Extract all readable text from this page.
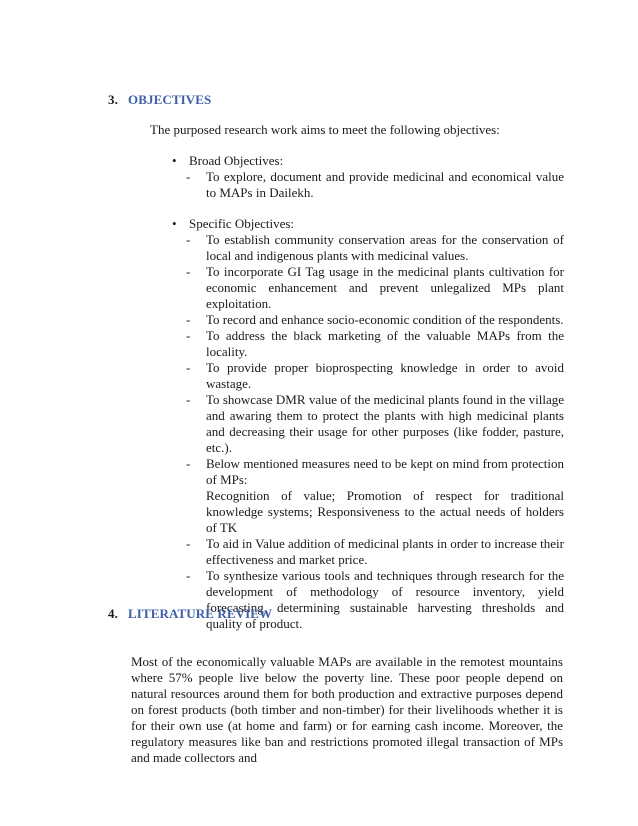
3. OBJECTIVES
The purposed research work aims to meet the following objectives:
• Broad Objectives:
- To explore, document and provide medicinal and economical value to MAPs in Dailekh.
• Specific Objectives:
- To establish community conservation areas for the conservation of local and indigenous plants with medicinal values.
- To incorporate GI Tag usage in the medicinal plants cultivation for economic enhancement and prevent unlegalized MPs plant exploitation.
- To record and enhance socio-economic condition of the respondents.
- To address the black marketing of the valuable MAPs from the locality.
- To provide proper bioprospecting knowledge in order to avoid wastage.
- To showcase DMR value of the medicinal plants found in the village and awaring them to protect the plants with high medicinal plants and decreasing their usage for other purposes (like fodder, pasture, etc.).
- Below mentioned measures need to be kept on mind from protection of MPs:
Recognition of value; Promotion of respect for traditional knowledge systems; Responsiveness to the actual needs of holders of TK
- To aid in Value addition of medicinal plants in order to increase their effectiveness and market price.
- To synthesize various tools and techniques through research for the development of methodology of resource inventory, yield forecasting, determining sustainable harvesting thresholds and quality of product.
4. LITERATURE REVIEW
Most of the economically valuable MAPs are available in the remotest mountains where 57% people live below the poverty line. These poor people depend on natural resources around them for both production and extractive purposes depend on forest products (both timber and non-timber) for their livelihoods whether it is for their own use (at home and farm) or for earning cash income. Moreover, the regulatory measures like ban and restrictions promoted illegal transaction of MPs and made collectors and
